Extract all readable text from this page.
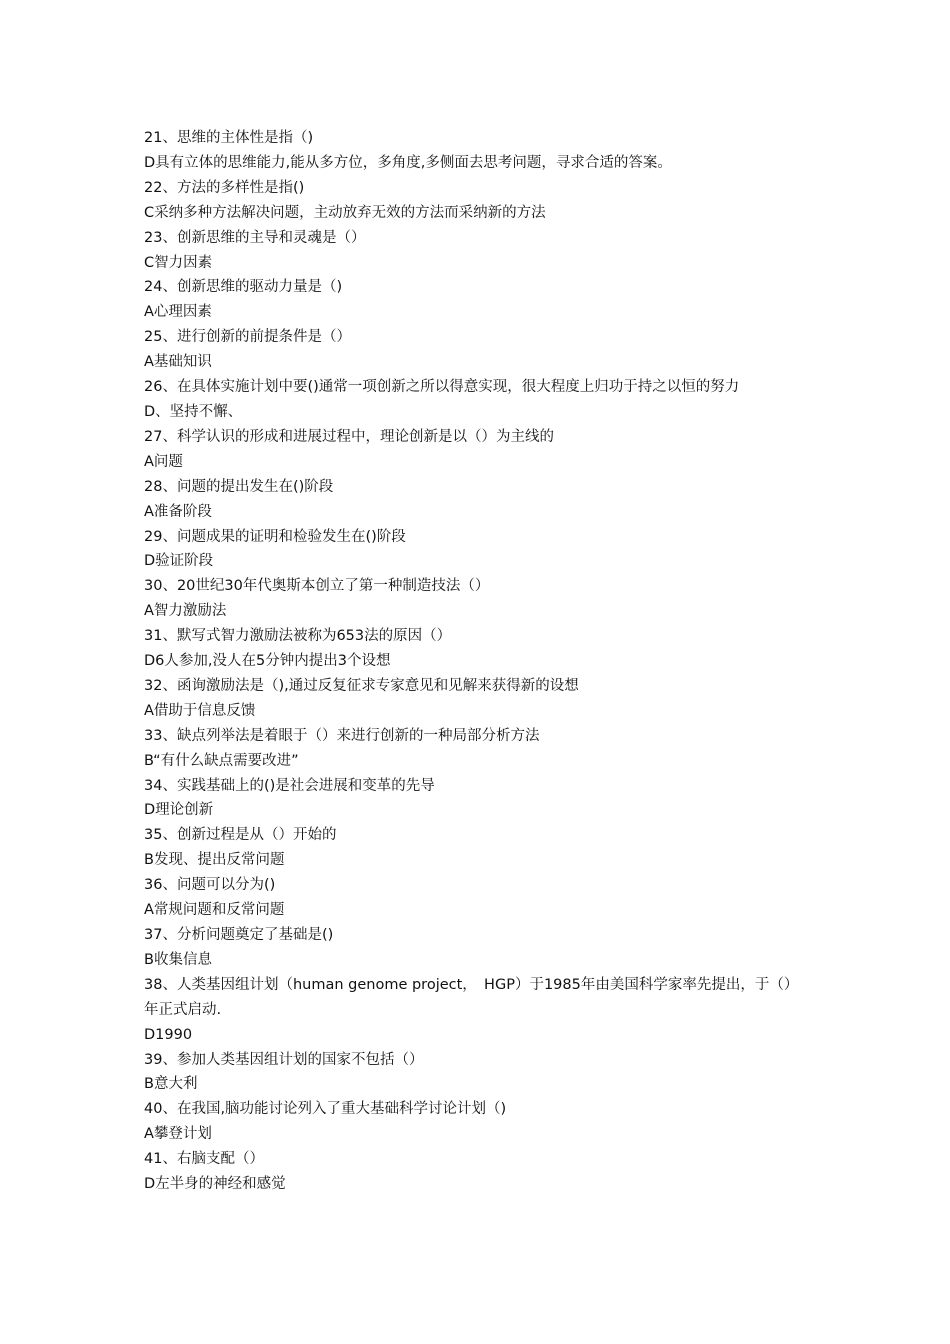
21、思维的主体性是指（)

D具有立体的思维能力,能从多方位，多角度,多侧面去思考问题，寻求合适的答案。

22、方法的多样性是指()

C采纳多种方法解决问题，主动放弃无效的方法而采纳新的方法

23、创新思维的主导和灵魂是（）

C智力因素

24、创新思维的驱动力量是（)

A心理因素

25、进行创新的前提条件是（）

A基础知识

26、在具体实施计划中要()通常一项创新之所以得意实现，很大程度上归功于持之以恒的努力

D、坚持不懈、

27、科学认识的形成和进展过程中，理论创新是以（）为主线的

A问题

28、问题的提出发生在()阶段

A准备阶段

29、问题成果的证明和检验发生在()阶段

D验证阶段

30、20世纪30年代奥斯本创立了第一种制造技法（）

A智力激励法

31、默写式智力激励法被称为653法的原因（）

D6人参加,没人在5分钟内提出3个设想

32、函询激励法是（),通过反复征求专家意见和见解来获得新的设想

A借助于信息反馈

33、缺点列举法是着眼于（）来进行创新的一种局部分析方法

B“有什么缺点需要改进”

34、实践基础上的()是社会进展和变革的先导

D理论创新

35、创新过程是从（）开始的

B发现、提出反常问题

36、问题可以分为()

A常规问题和反常问题

37、分析问题奠定了基础是()

B收集信息

38、人类基因组计划（human genome project，　HGP）于1985年由美国科学家率先提出，于（）年正式启动.

D1990

39、参加人类基因组计划的国家不包括（）

B意大利

40、在我国,脑功能讨论列入了重大基础科学讨论计划（)

A攀登计划

41、右脑支配（）

D左半身的神经和感觉
